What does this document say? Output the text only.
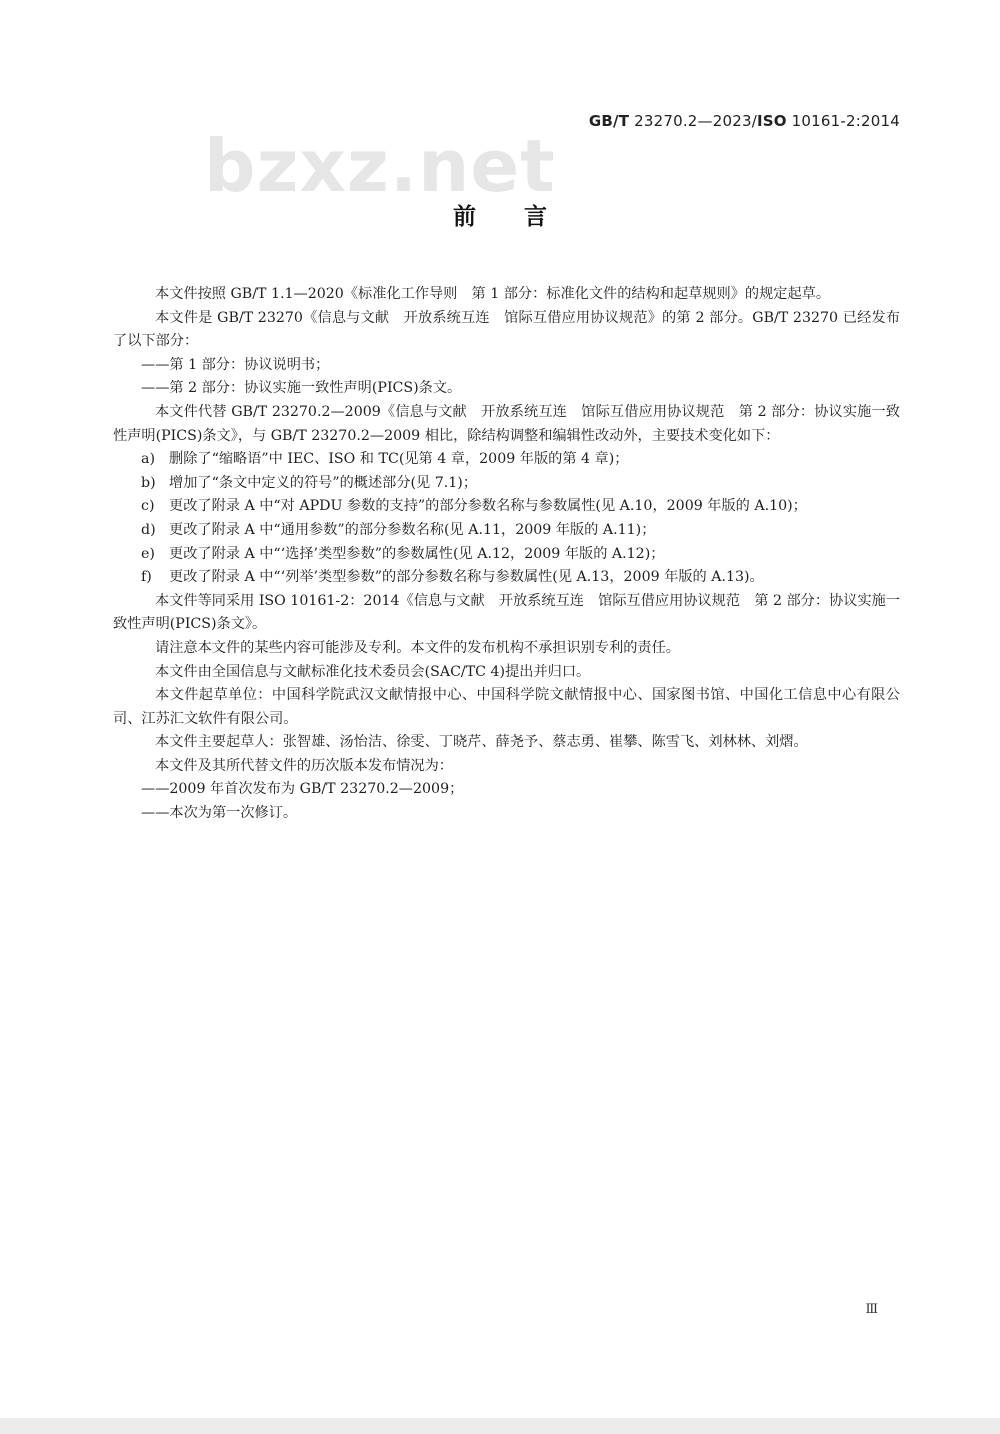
GB/T 23270.2—2023/ISO 10161-2:2014
bzxz.net
前言

本文件按照 GB/T 1.1—2020《标准化工作导则　第 1 部分：标准化文件的结构和起草规则》的规定起草。

本文件是 GB/T 23270《信息与文献　开放系统互连　馆际互借应用协议规范》的第 2 部分。GB/T 23270 已经发布了以下部分：

——第 1 部分：协议说明书；

——第 2 部分：协议实施一致性声明(PICS)条文。

本文件代替 GB/T 23270.2—2009《信息与文献　开放系统互连　馆际互借应用协议规范　第 2 部分：协议实施一致性声明(PICS)条文》，与 GB/T 23270.2—2009 相比，除结构调整和编辑性改动外，主要技术变化如下：

a) 删除了“缩略语”中 IEC、ISO 和 TC(见第 4 章，2009 年版的第 4 章)；

b) 增加了“条文中定义的符号”的概述部分(见 7.1)；

c)	更改了附录 A 中“对 APDU 参数的支持”的部分参数名称与参数属性(见 A.10，2009 年版的 A.10)；

d) 更改了附录 A 中“通用参数”的部分参数名称(见 A.11，2009 年版的 A.11)；

e) 更改了附录 A 中“‘选择’类型参数”的参数属性(见 A.12，2009 年版的 A.12)；

f)	更改了附录 A 中“‘列举’类型参数”的部分参数名称与参数属性(见 A.13，2009 年版的 A.13)。

本文件等同采用 ISO 10161-2：2014《信息与文献　开放系统互连　馆际互借应用协议规范　第 2 部分：协议实施一致性声明(PICS)条文》。

请注意本文件的某些内容可能涉及专利。本文件的发布机构不承担识别专利的责任。

本文件由全国信息与文献标准化技术委员会(SAC/TC 4)提出并归口。

本文件起草单位：中国科学院武汉文献情报中心、中国科学院文献情报中心、国家图书馆、中国化工信息中心有限公司、江苏汇文软件有限公司。

本文件主要起草人：张智雄、汤怡洁、徐雯、丁晓芹、薛尧予、蔡志勇、崔攀、陈雪飞、刘林林、刘熠。

本文件及其所代替文件的历次版本发布情况为：

——2009 年首次发布为 GB/T 23270.2—2009；

——本次为第一次修订。

Ⅲ
